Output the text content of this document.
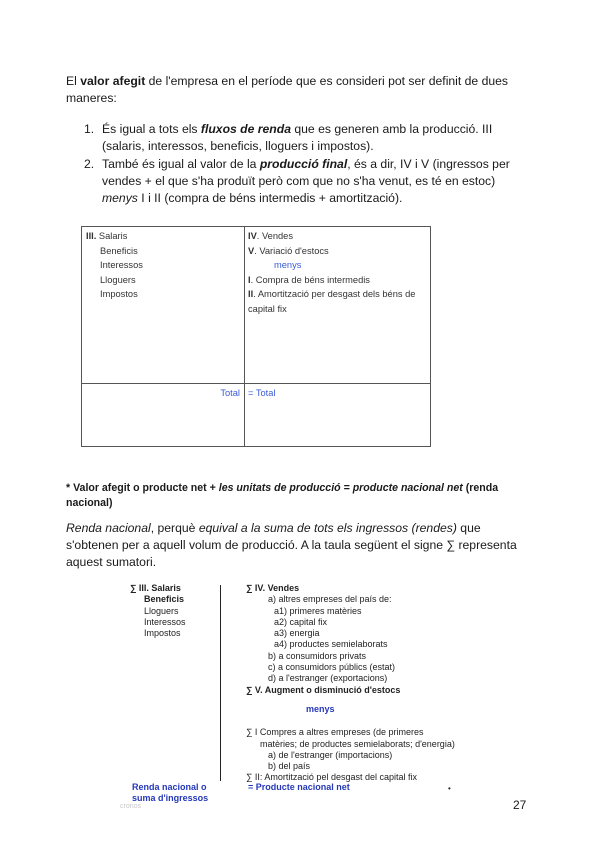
El valor afegit de l'empresa en el període que es consideri pot ser definit de dues maneres:
1. És igual a tots els fluxos de renda que es generen amb la producció. III (salaris, interessos, beneficis, lloguers i impostos).
2. També és igual al valor de la producció final, és a dir, IV i V (ingressos per vendes + el que s'ha produït però com que no s'ha venut, es té en estoc) menys I i II (compra de béns intermedis + amortització).
III. Salaris
Beneficis
Interessos
Lloguers
Impostos
IV. Vendes
V. Variació d'estocs
menys
I. Compra de béns intermedis
II. Amortització per desgast dels béns de capital fix
Total = Total
* Valor afegit o producte net + les unitats de producció = producte nacional net (renda nacional)
Renda nacional, perquè equival a la suma de tots els ingressos (rendes) que s'obtenen per a aquell volum de producció. A la taula següent el signe ∑ representa aquest sumatori.
∑ III. Salaris
Beneficis
Lloguers
Interessos
Impostos
∑ IV. Vendes
a) altres empreses del país de:
a1) primeres matèries
a2) capital fix
a3) energia
a4) productes semielaborats
b) a consumidors privats
c) a consumidors públics (estat)
d) a l'estranger (exportacions)
∑ V. Augment o disminució d'estocs
menys
∑ I Compres a altres empreses (de primeres
matèries; de productes semielaborats; d'energia)
a) de l'estranger (importacions)
b) del país
∑ II: Amortització pel desgast del capital fix
Renda nacional o
suma d'ingressos
= Producte nacional net	•
cronos	27
